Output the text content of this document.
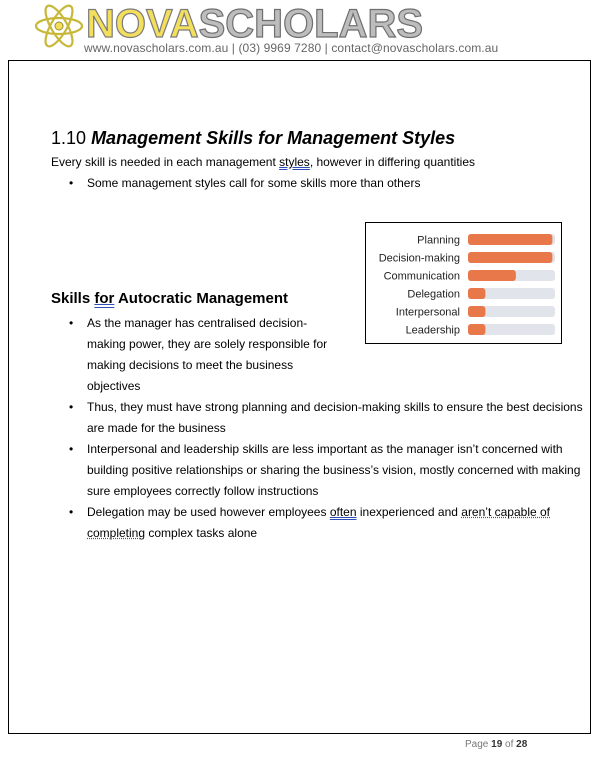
NOVASCHOLARS
www.novascholars.com.au | (03) 9969 7280 | contact@novascholars.com.au
1.10 Management Skills for Management Styles
Every skill is needed in each management styles, however in differing quantities
• Some management styles call for some skills more than others
Planning
Decision-making
Communication
Delegation
Interpersonal
Leadership
Skills for Autocratic Management
• As the manager has centralised decision-making power, they are solely responsible for making decisions to meet the business objectives
• Thus, they must have strong planning and decision-making skills to ensure the best decisions are made for the business
• Interpersonal and leadership skills are less important as the manager isn’t concerned with building positive relationships or sharing the business’s vision, mostly concerned with making sure employees correctly follow instructions
• Delegation may be used however employees often inexperienced and aren’t capable of completing complex tasks alone
Page 19 of 28
